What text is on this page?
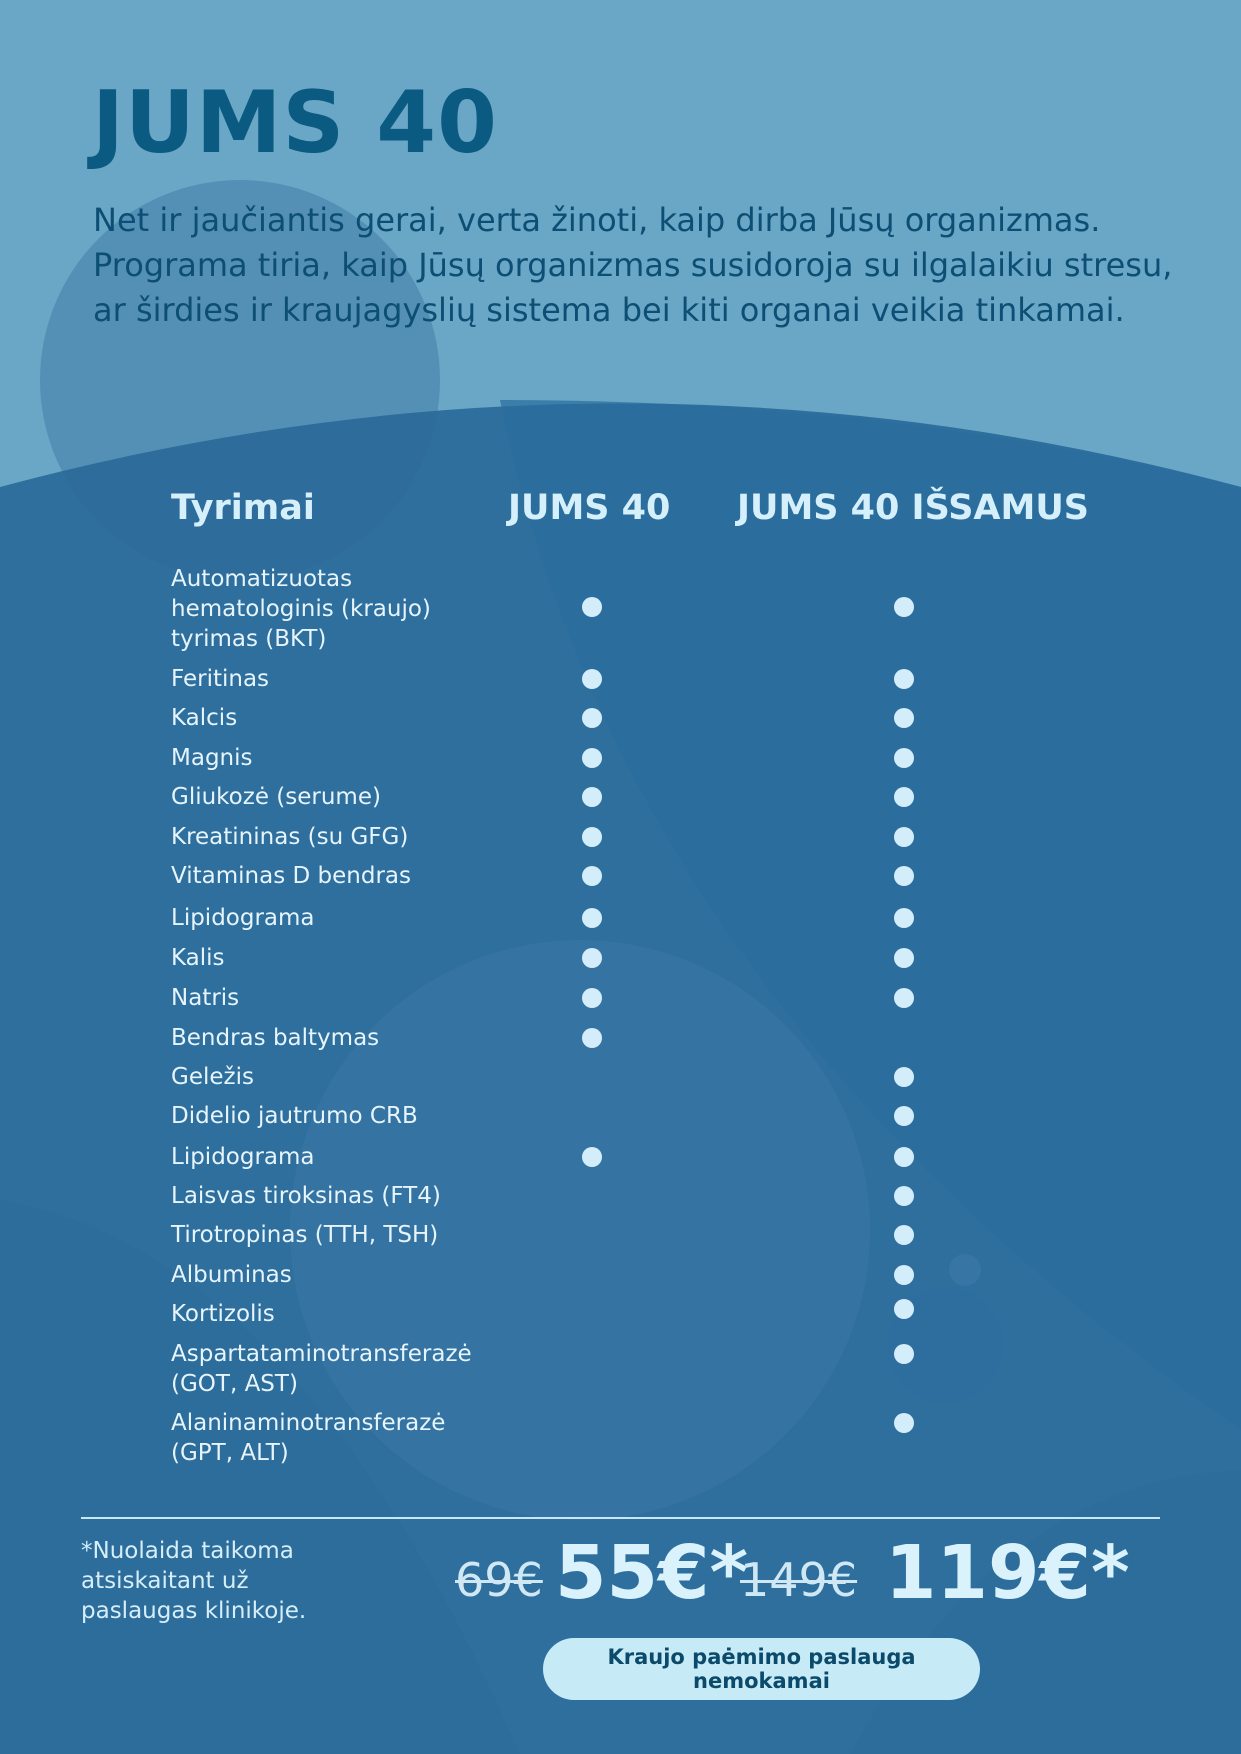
JUMS 40

Net ir jaučiantis gerai, verta žinoti, kaip dirba Jūsų organizmas. Programa tiria, kaip Jūsų organizmas susidoroja su ilgalaikiu stresu, ar širdies ir kraujagyslių sistema bei kiti organai veikia tinkamai.

Tyrimai	JUMS 40 JUMS 40 IŠSAMUS
Automatizuotas hematologinis (kraujo) tyrimas (BKT)
Feritinas
Kalcis
Magnis
Gliukozė (serume)
Kreatininas (su GFG)
Vitaminas D bendras
Lipidograma
Kalis
Natris
Bendras baltymas
Geležis
Didelio jautrumo CRB
Lipidograma
Laisvas tiroksinas (FT4)
Tirotropinas (TTH, TSH)
Albuminas
Kortizolis
Aspartataminotransferazė (GOT, AST)
Alaninaminotransferazė (GPT, ALT)

*Nuolaida taikoma atsiskaitant už paslaugas klinikoje.

69€ 55€*
149€ 119€*
Kraujo paėmimo paslauga nemokamai
